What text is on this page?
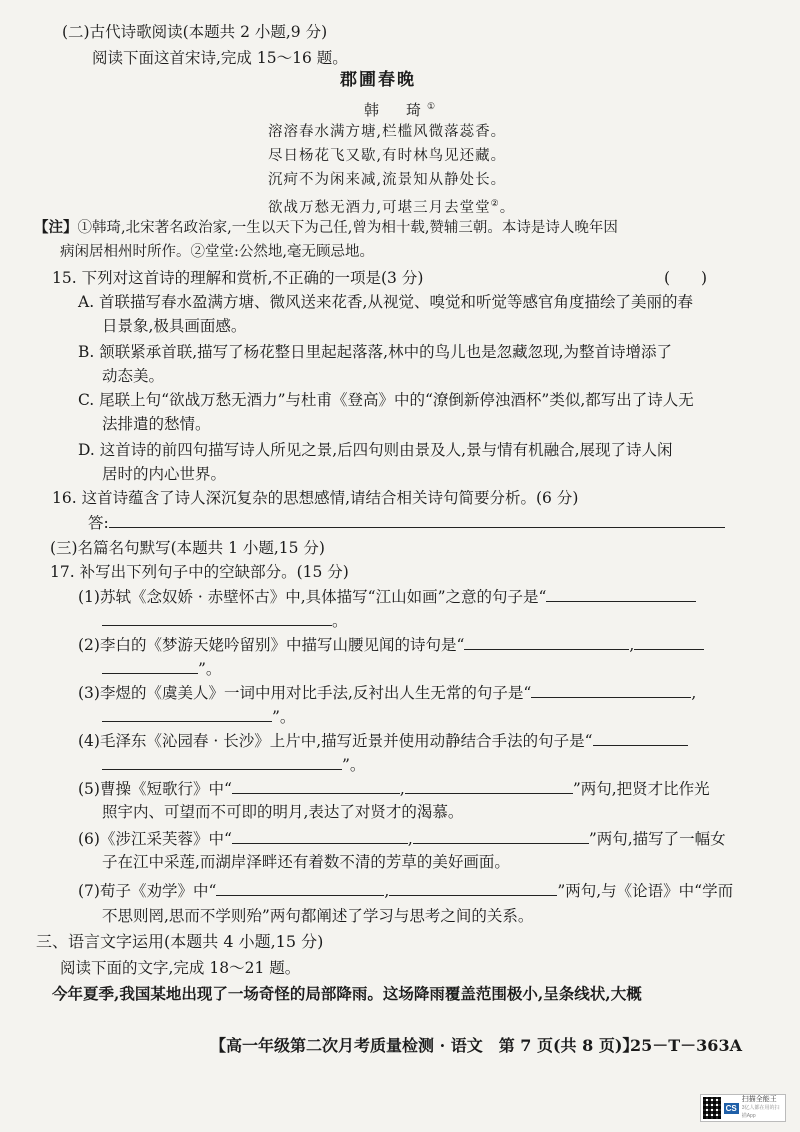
(二)古代诗歌阅读(本题共 2 小题,9 分)
阅读下面这首宋诗,完成 15～16 题。
郡圃春晚
韩　琦①
溶溶春水满方塘,栏槛风微落蕊香。
尽日杨花飞又歇,有时林鸟见还藏。
沉疴不为闲来减,流景知从静处长。
欲战万愁无酒力,可堪三月去堂堂②。
【注】①韩琦,北宋著名政治家,一生以天下为己任,曾为相十载,赞辅三朝。本诗是诗人晚年因
病闲居相州时所作。②堂堂:公然地,毫无顾忌地。
15. 下列对这首诗的理解和赏析,不正确的一项是(3 分)	(　　)
A. 首联描写春水盈满方塘、微风送来花香,从视觉、嗅觉和听觉等感官角度描绘了美丽的春
日景象,极具画面感。
B. 颔联紧承首联,描写了杨花整日里起起落落,林中的鸟儿也是忽藏忽现,为整首诗增添了
动态美。
C. 尾联上句“欲战万愁无酒力”与杜甫《登高》中的“潦倒新停浊酒杯”类似,都写出了诗人无
法排遣的愁情。
D. 这首诗的前四句描写诗人所见之景,后四句则由景及人,景与情有机融合,展现了诗人闲
居时的内心世界。
16. 这首诗蕴含了诗人深沉复杂的思想感情,请结合相关诗句简要分析。(6 分)
答:
(三)名篇名句默写(本题共 1 小题,15 分)
17. 补写出下列句子中的空缺部分。(15 分)
(1)苏轼《念奴娇 · 赤壁怀古》中,具体描写“江山如画”之意的句子是“
。
(2)李白的《梦游天姥吟留别》中描写山腰见闻的诗句是“	,
”。
(3)李煜的《虞美人》一词中用对比手法,反衬出人生无常的句子是“	,
”。
(4)毛泽东《沁园春 · 长沙》上片中,描写近景并使用动静结合手法的句子是“
”。
(5)曹操《短歌行》中“	,	”两句,把贤才比作光
照宇内、可望而不可即的明月,表达了对贤才的渴慕。
(6)《涉江采芙蓉》中“	,	”两句,描写了一幅女
子在江中采莲,而湖岸泽畔还有着数不清的芳草的美好画面。
(7)荀子《劝学》中“	,	”两句,与《论语》中“学而
不思则罔,思而不学则殆”两句都阐述了学习与思考之间的关系。
三、语言文字运用(本题共 4 小题,15 分)
阅读下面的文字,完成 18～21 题。
今年夏季,我国某地出现了一场奇怪的局部降雨。这场降雨覆盖范围极小,呈条线状,大概
【高一年级第二次月考质量检测 · 语文　第 7 页(共 8 页)】
25－T－363A
CS
扫描全能王
3亿人都在用的扫描App
